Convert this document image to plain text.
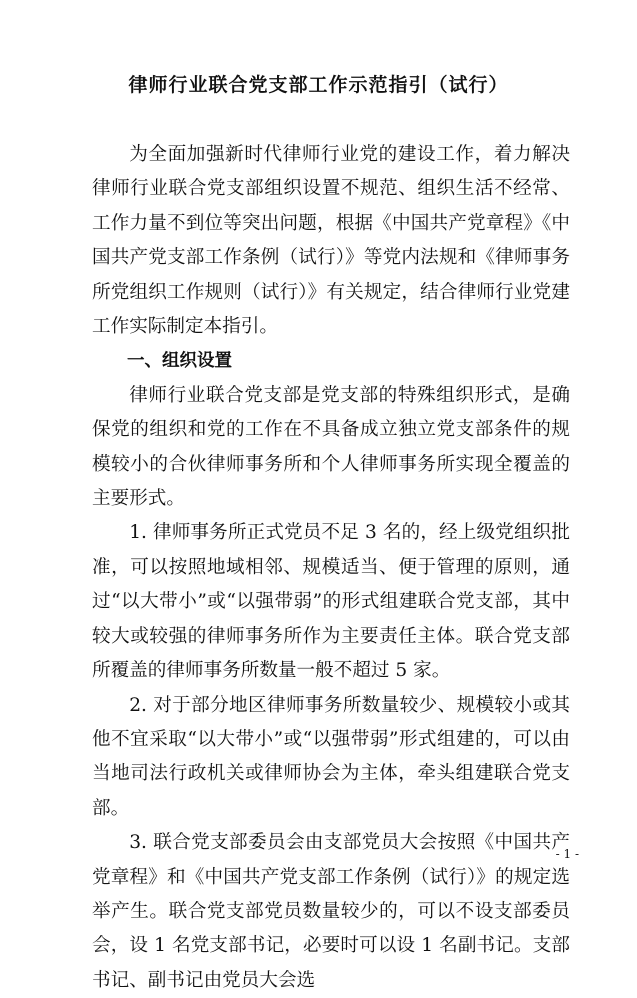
律师行业联合党支部工作示范指引（试行）

为全面加强新时代律师行业党的建设工作，着力解决律师行业联合党支部组织设置不规范、组织生活不经常、工作力量不到位等突出问题，根据《中国共产党章程》《中国共产党支部工作条例（试行）》等党内法规和《律师事务所党组织工作规则（试行）》有关规定，结合律师行业党建工作实际制定本指引。

一、组织设置

律师行业联合党支部是党支部的特殊组织形式，是确保党的组织和党的工作在不具备成立独立党支部条件的规模较小的合伙律师事务所和个人律师事务所实现全覆盖的主要形式。

1. 律师事务所正式党员不足 3 名的，经上级党组织批准，可以按照地域相邻、规模适当、便于管理的原则，通过“以大带小”或“以强带弱”的形式组建联合党支部，其中较大或较强的律师事务所作为主要责任主体。联合党支部所覆盖的律师事务所数量一般不超过 5 家。

2. 对于部分地区律师事务所数量较少、规模较小或其他不宜采取“以大带小”或“以强带弱”形式组建的，可以由当地司法行政机关或律师协会为主体，牵头组建联合党支部。

3. 联合党支部委员会由支部党员大会按照《中国共产党章程》和《中国共产党支部工作条例（试行）》的规定选举产生。联合党支部党员数量较少的，可以不设支部委员会，设 1 名党支部书记，必要时可以设 1 名副书记。支部书记、副书记由党员大会选

- 1 -
